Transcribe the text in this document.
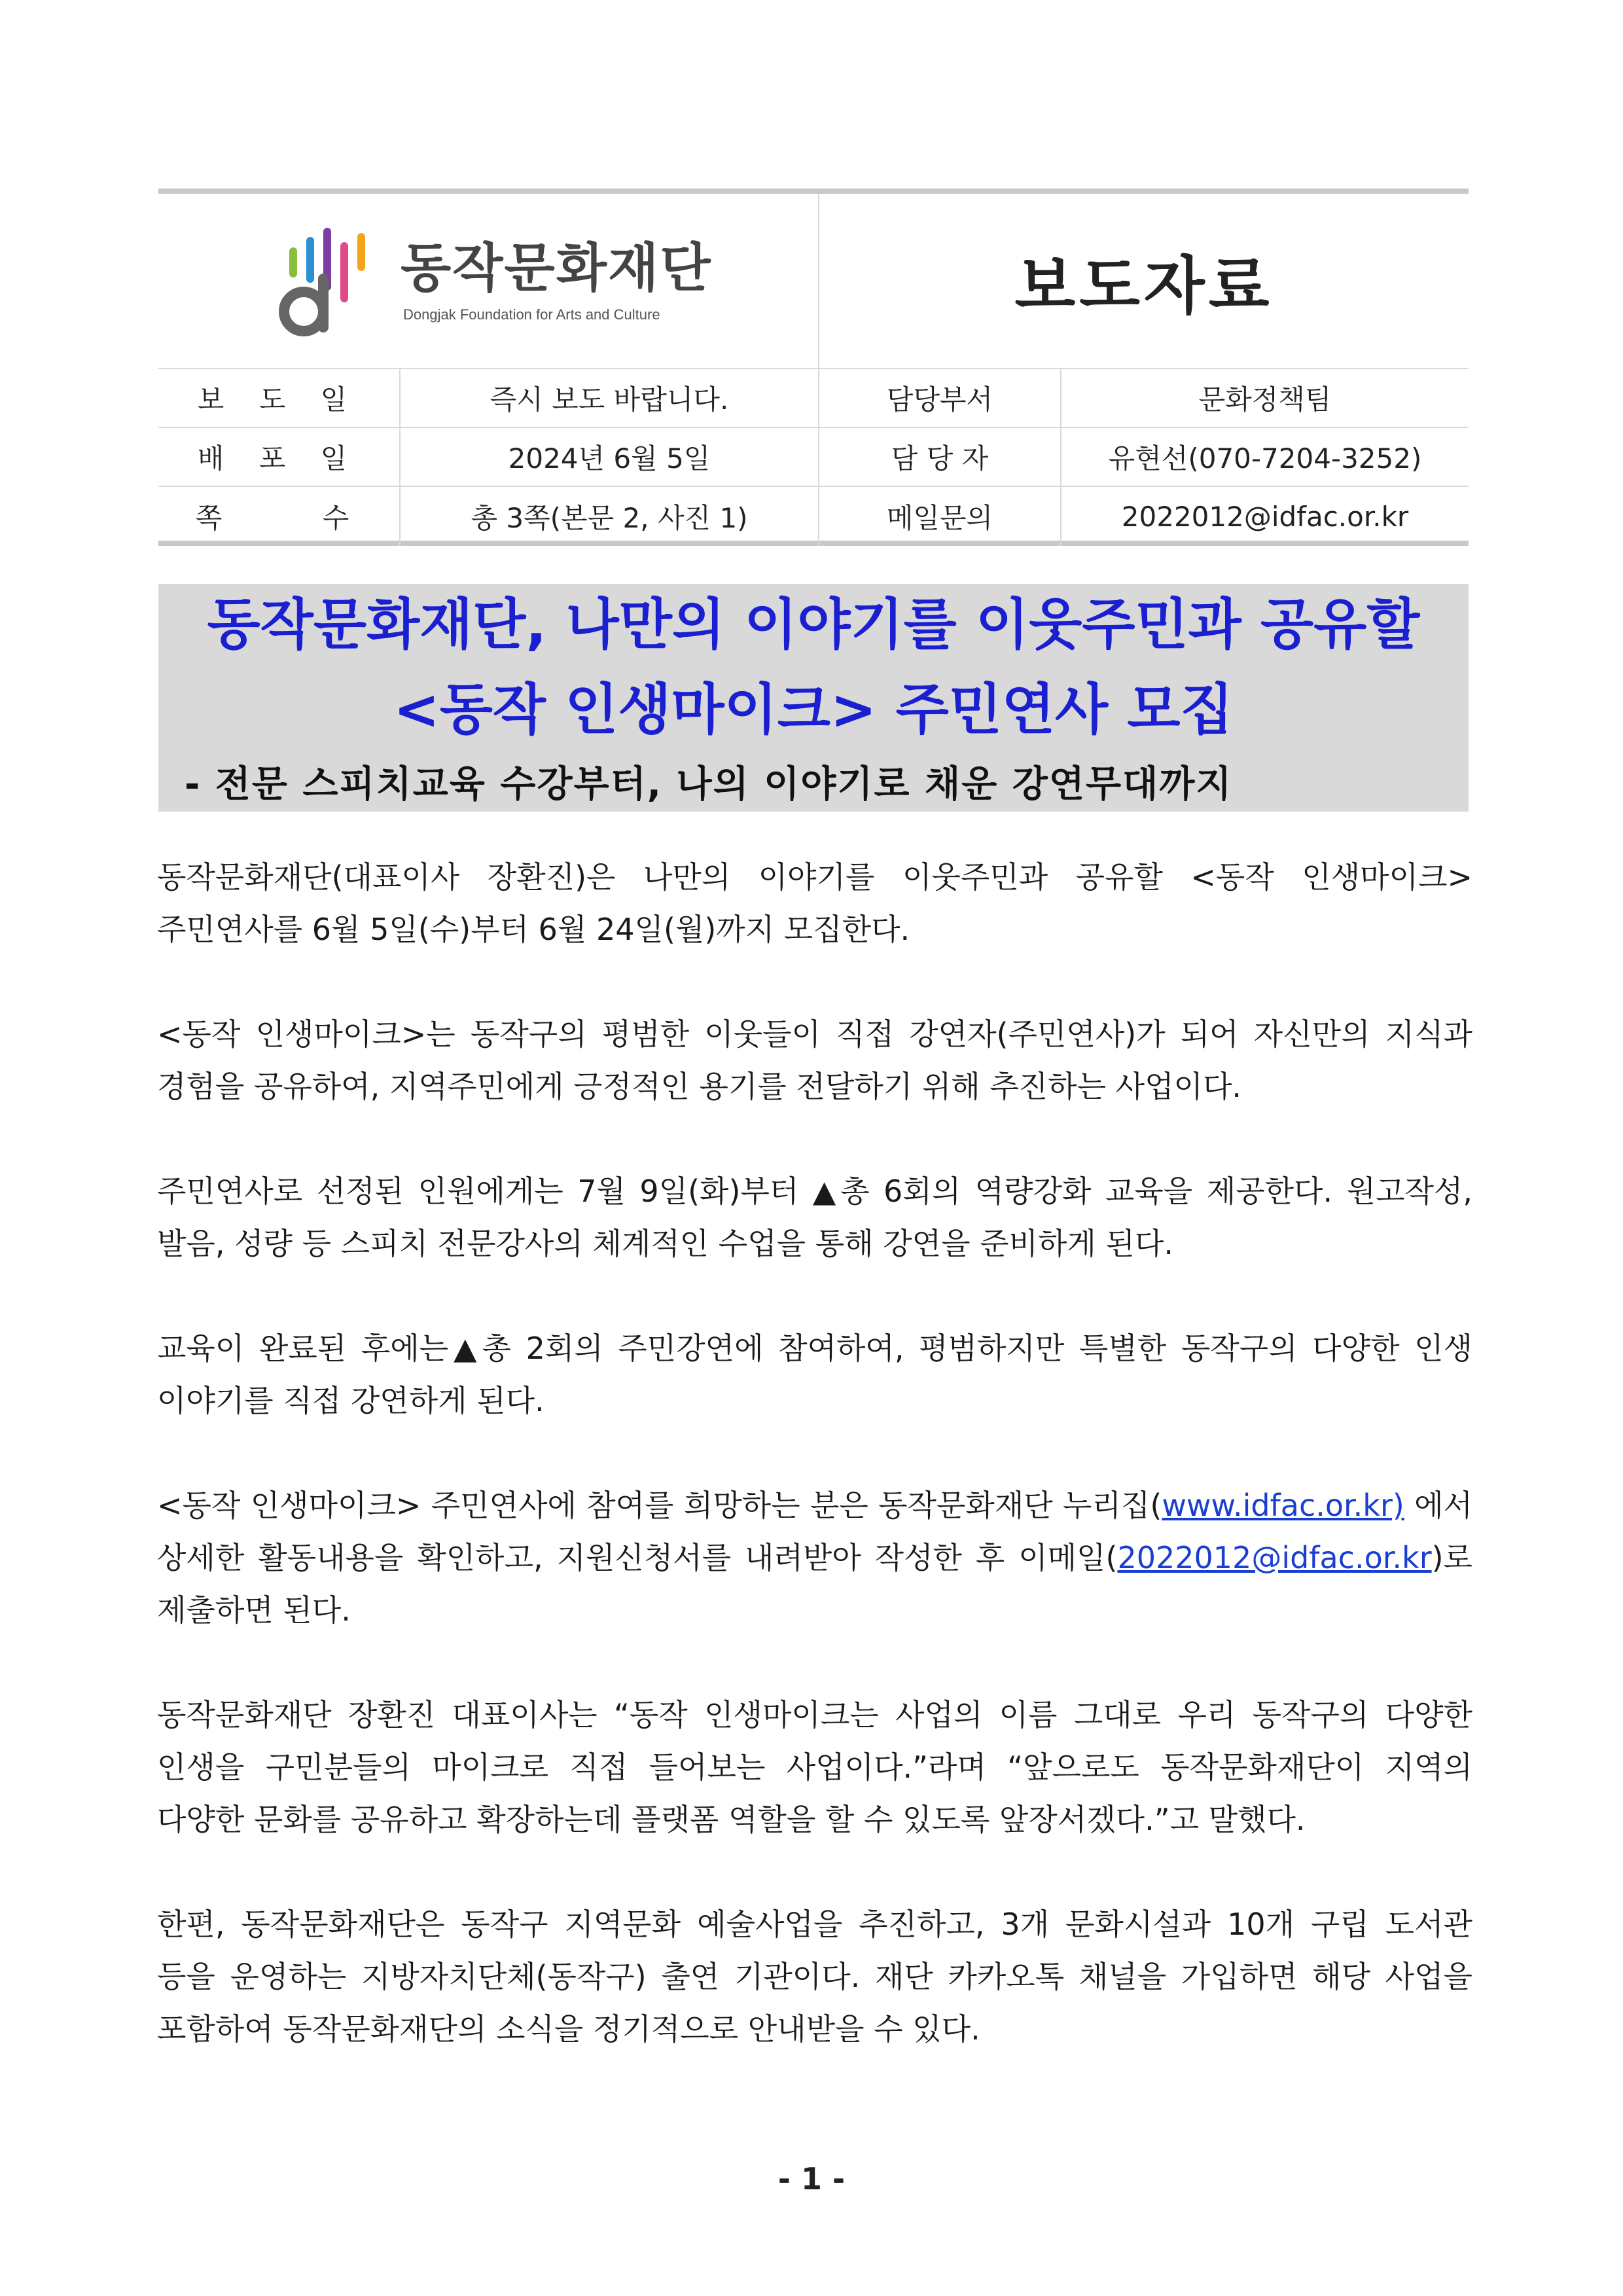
동작문화재단
Dongjak Foundation for Arts and Culture	보도자료
보 도 일	즉시 보도 바랍니다.	담당부서	문화정책팀
배 포 일	2024년 6월 5일	담 당 자	유현선(070-7204-3252)
쪽    수	총 3쪽(본문 2, 사진 1)	메일문의	2022012@idfac.or.kr
동작문화재단, 나만의 이야기를 이웃주민과 공유할
<동작 인생마이크> 주민연사 모집
- 전문 스피치교육 수강부터, 나의 이야기로 채운 강연무대까지

동작문화재단(대표이사 장환진)은 나만의 이야기를 이웃주민과 공유할 <동작 인생마이크> 주민연사를 6월 5일(수)부터 6월 24일(월)까지 모집한다.

<동작 인생마이크>는 동작구의 평범한 이웃들이 직접 강연자(주민연사)가 되어 자신만의 지식과 경험을 공유하여, 지역주민에게 긍정적인 용기를 전달하기 위해 추진하는 사업이다.

주민연사로 선정된 인원에게는 7월 9일(화)부터 ▲총 6회의 역량강화 교육을 제공한다. 원고작성, 발음, 성량 등 스피치 전문강사의 체계적인 수업을 통해 강연을 준비하게 된다.

교육이 완료된 후에는▲총 2회의 주민강연에 참여하여, 평범하지만 특별한 동작구의 다양한 인생 이야기를 직접 강연하게 된다.

<동작 인생마이크> 주민연사에 참여를 희망하는 분은 동작문화재단 누리집(www.idfac.or.kr) 에서 상세한 활동내용을 확인하고, 지원신청서를 내려받아 작성한 후 이메일(2022012@idfac.or.kr)로 제출하면 된다.

동작문화재단 장환진 대표이사는 “동작 인생마이크는 사업의 이름 그대로 우리 동작구의 다양한 인생을 구민분들의 마이크로 직접 들어보는 사업이다.”라며 “앞으로도 동작문화재단이 지역의 다양한 문화를 공유하고 확장하는데 플랫폼 역할을 할 수 있도록 앞장서겠다.”고 말했다.

한편, 동작문화재단은 동작구 지역문화 예술사업을 추진하고, 3개 문화시설과 10개 구립 도서관 등을 운영하는 지방자치단체(동작구) 출연 기관이다. 재단 카카오톡 채널을 가입하면 해당 사업을 포함하여 동작문화재단의 소식을 정기적으로 안내받을 수 있다.

- 1 -
